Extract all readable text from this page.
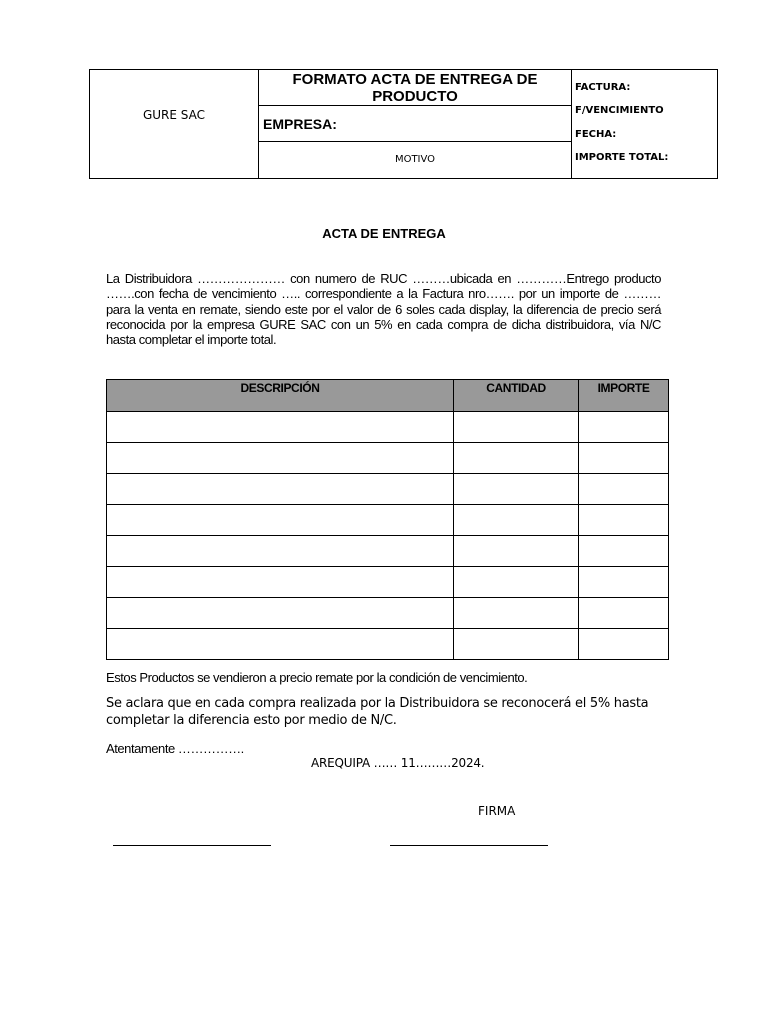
GURE SAC
FORMATO ACTA DE ENTREGA DE PRODUCTO
EMPRESA:
MOTIVO
FACTURA:
F/VENCIMIENTO
FECHA:
IMPORTE TOTAL:
ACTA DE ENTREGA
La Distribuidora ………………… con numero de RUC ………ubicada en …………Entrego producto …….con fecha de vencimiento ….. correspondiente a la Factura nro……. por un importe de ……… para la venta en remate, siendo este por el valor de 6 soles cada display, la diferencia de precio será reconocida por la empresa GURE SAC con un 5% en cada compra de dicha distribuidora, vía N/C hasta completar el importe total.
DESCRIPCIÓN	CANTIDAD	IMPORTE

Estos Productos se vendieron a precio remate por la condición de vencimiento.
Se aclara que en cada compra realizada por la Distribuidora se reconocerá el 5% hasta completar la diferencia esto por medio de N/C.
Atentamente …………….
AREQUIPA …… 11………2024.
FIRMA
